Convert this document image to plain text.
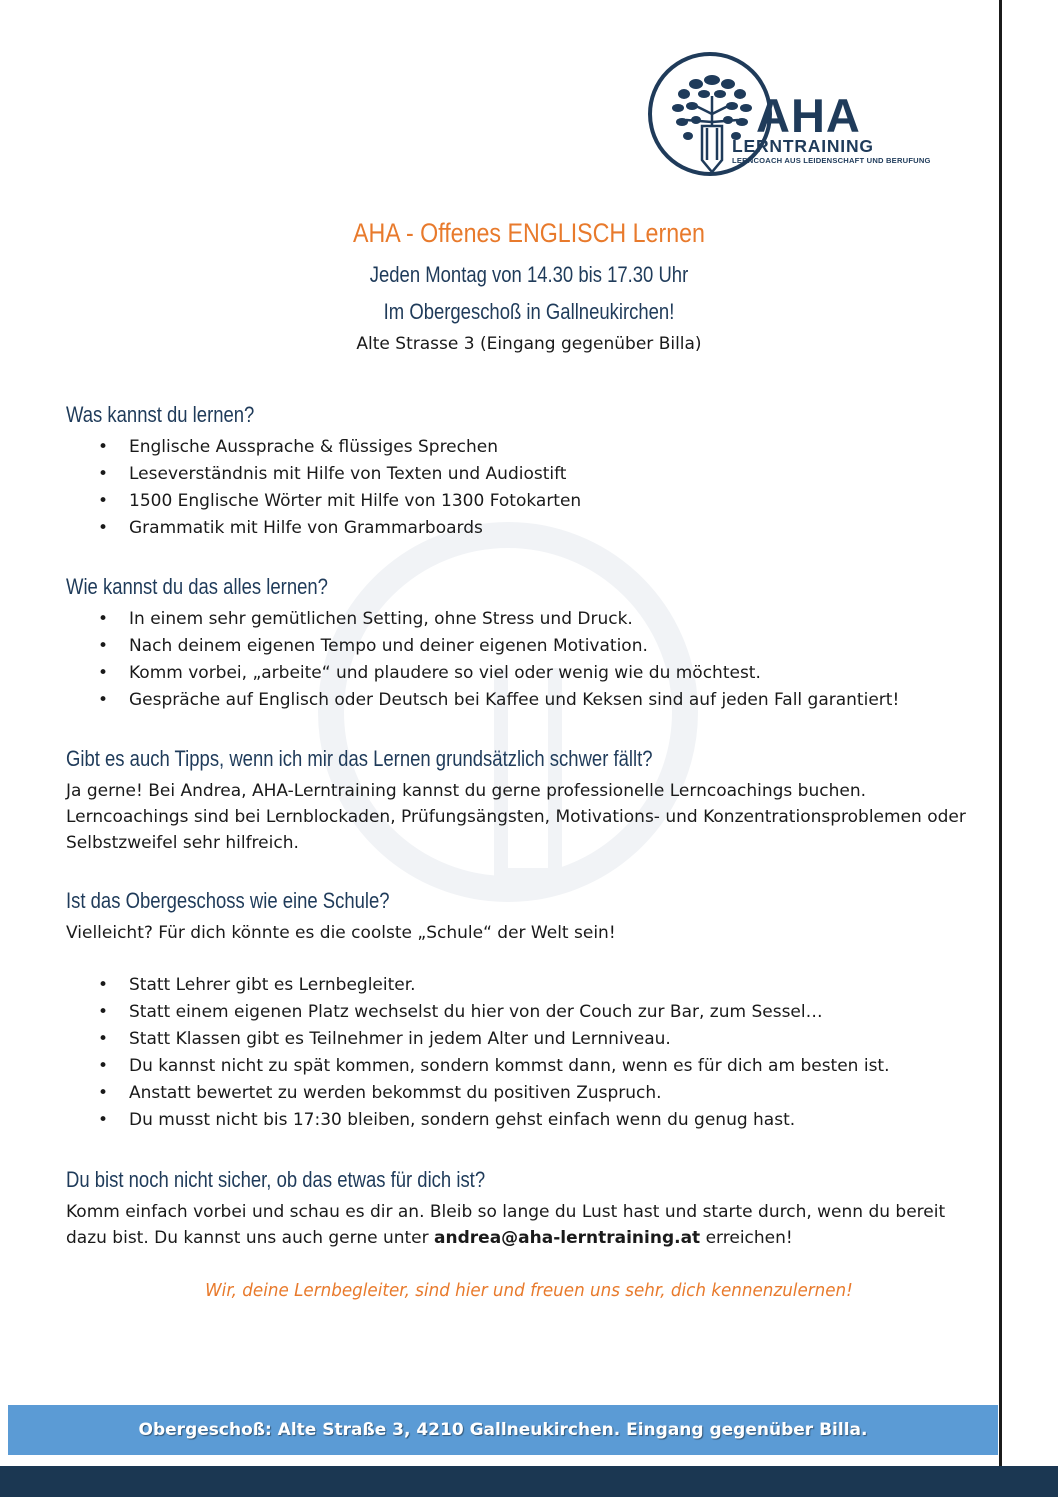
AHA
LERNTRAINING
LERNCOACH AUS LEIDENSCHAFT UND BERUFUNG
AHA - Offenes ENGLISCH Lernen
Jeden Montag von 14.30 bis 17.30 Uhr
Im Obergeschoß in Gallneukirchen!
Alte Strasse 3 (Eingang gegenüber Billa)
Was kannst du lernen?
• Englische Aussprache & flüssiges Sprechen
• Leseverständnis mit Hilfe von Texten und Audiostift
• 1500 Englische Wörter mit Hilfe von 1300 Fotokarten
• Grammatik mit Hilfe von Grammarboards
Wie kannst du das alles lernen?
• In einem sehr gemütlichen Setting, ohne Stress und Druck.
• Nach deinem eigenen Tempo und deiner eigenen Motivation.
• Komm vorbei, „arbeite“ und plaudere so viel oder wenig wie du möchtest.
• Gespräche auf Englisch oder Deutsch bei Kaffee und Keksen sind auf jeden Fall garantiert!
Gibt es auch Tipps, wenn ich mir das Lernen grundsätzlich schwer fällt?

Ja gerne! Bei Andrea, AHA-Lerntraining kannst du gerne professionelle Lerncoachings buchen.

Lerncoachings sind bei Lernblockaden, Prüfungsängsten, Motivations- und Konzentrationsproblemen oder

Selbstzweifel sehr hilfreich.

Ist das Obergeschoss wie eine Schule?

Vielleicht? Für dich könnte es die coolste „Schule“ der Welt sein!

• Statt Lehrer gibt es Lernbegleiter.
• Statt einem eigenen Platz wechselst du hier von der Couch zur Bar, zum Sessel…
• Statt Klassen gibt es Teilnehmer in jedem Alter und Lernniveau.
• Du kannst nicht zu spät kommen, sondern kommst dann, wenn es für dich am besten ist.
• Anstatt bewertet zu werden bekommst du positiven Zuspruch.
• Du musst nicht bis 17:30 bleiben, sondern gehst einfach wenn du genug hast.
Du bist noch nicht sicher, ob das etwas für dich ist?

Komm einfach vorbei und schau es dir an. Bleib so lange du Lust hast und starte durch, wenn du bereit

dazu bist. Du kannst uns auch gerne unter andrea@aha-lerntraining.at erreichen!

Wir, deine Lernbegleiter, sind hier und freuen uns sehr, dich kennenzulernen!
Obergeschoß: Alte Straße 3, 4210 Gallneukirchen. Eingang gegenüber Billa.
